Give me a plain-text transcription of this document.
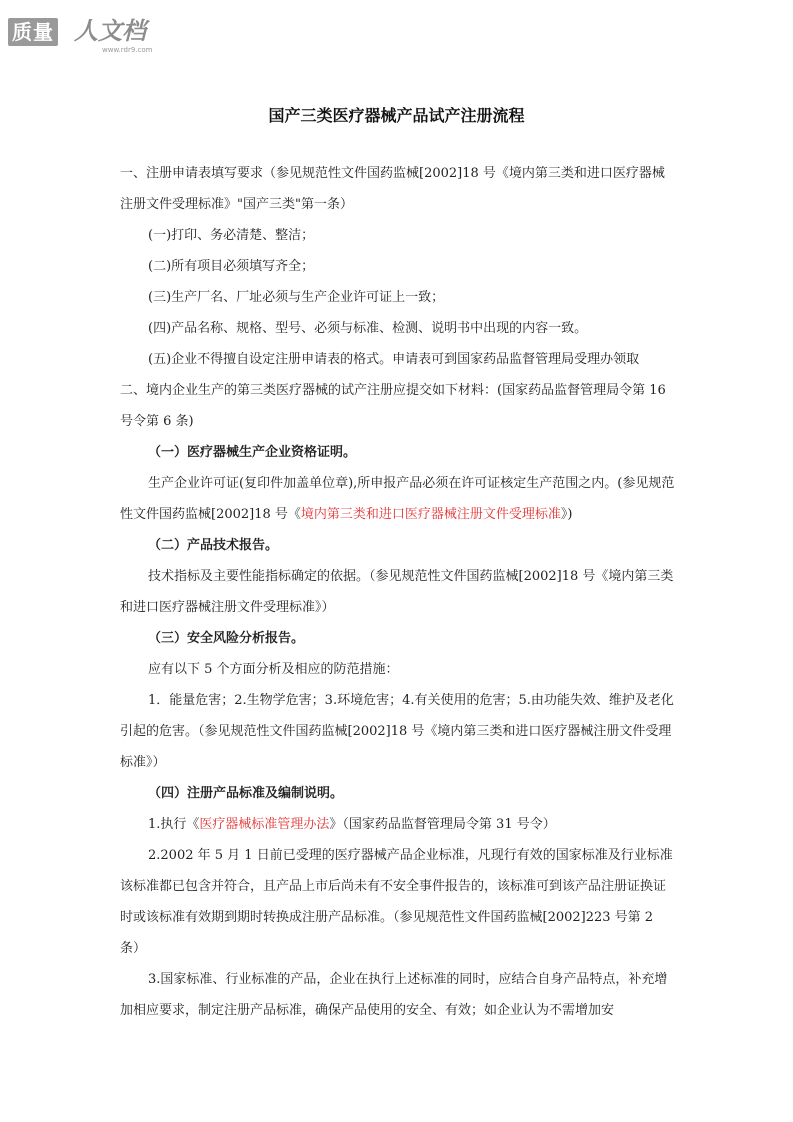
质量 人文档
www.rdr9.com
国产三类医疗器械产品试产注册流程

一、注册申请表填写要求（参见规范性文件国药监械[2002]18 号《境内第三类和进口医疗器械注册文件受理标准》"国产三类"第一条）

(一)打印、务必清楚、整洁；

(二)所有项目必须填写齐全；

(三)生产厂名、厂址必须与生产企业许可证上一致；

(四)产品名称、规格、型号、必须与标准、检测、说明书中出现的内容一致。

(五)企业不得擅自设定注册申请表的格式。申请表可到国家药品监督管理局受理办领取

二、境内企业生产的第三类医疗器械的试产注册应提交如下材料：(国家药品监督管理局令第 16 号令第 6 条)

（一）医疗器械生产企业资格证明。

生产企业许可证(复印件加盖单位章),所申报产品必须在许可证核定生产范围之内。(参见规范性文件国药监械[2002]18 号《境内第三类和进口医疗器械注册文件受理标准》)

（二）产品技术报告。

技术指标及主要性能指标确定的依据。（参见规范性文件国药监械[2002]18 号《境内第三类和进口医疗器械注册文件受理标准》）

（三）安全风险分析报告。

应有以下 5 个方面分析及相应的防范措施：

1．能量危害；2.生物学危害；3.环境危害；4.有关使用的危害；5.由功能失效、维护及老化引起的危害。（参见规范性文件国药监械[2002]18 号《境内第三类和进口医疗器械注册文件受理标准》）

（四）注册产品标准及编制说明。

1.执行《医疗器械标准管理办法》（国家药品监督管理局令第 31 号令）

2.2002 年 5 月 1 日前已受理的医疗器械产品企业标准，凡现行有效的国家标准及行业标准该标准都已包含并符合，且产品上市后尚未有不安全事件报告的，该标准可到该产品注册证换证时或该标准有效期到期时转换成注册产品标准。（参见规范性文件国药监械[2002]223 号第 2 条）

3.国家标准、行业标准的产品，企业在执行上述标准的同时，应结合自身产品特点，补充增加相应要求，制定注册产品标准，确保产品使用的安全、有效；如企业认为不需增加安
